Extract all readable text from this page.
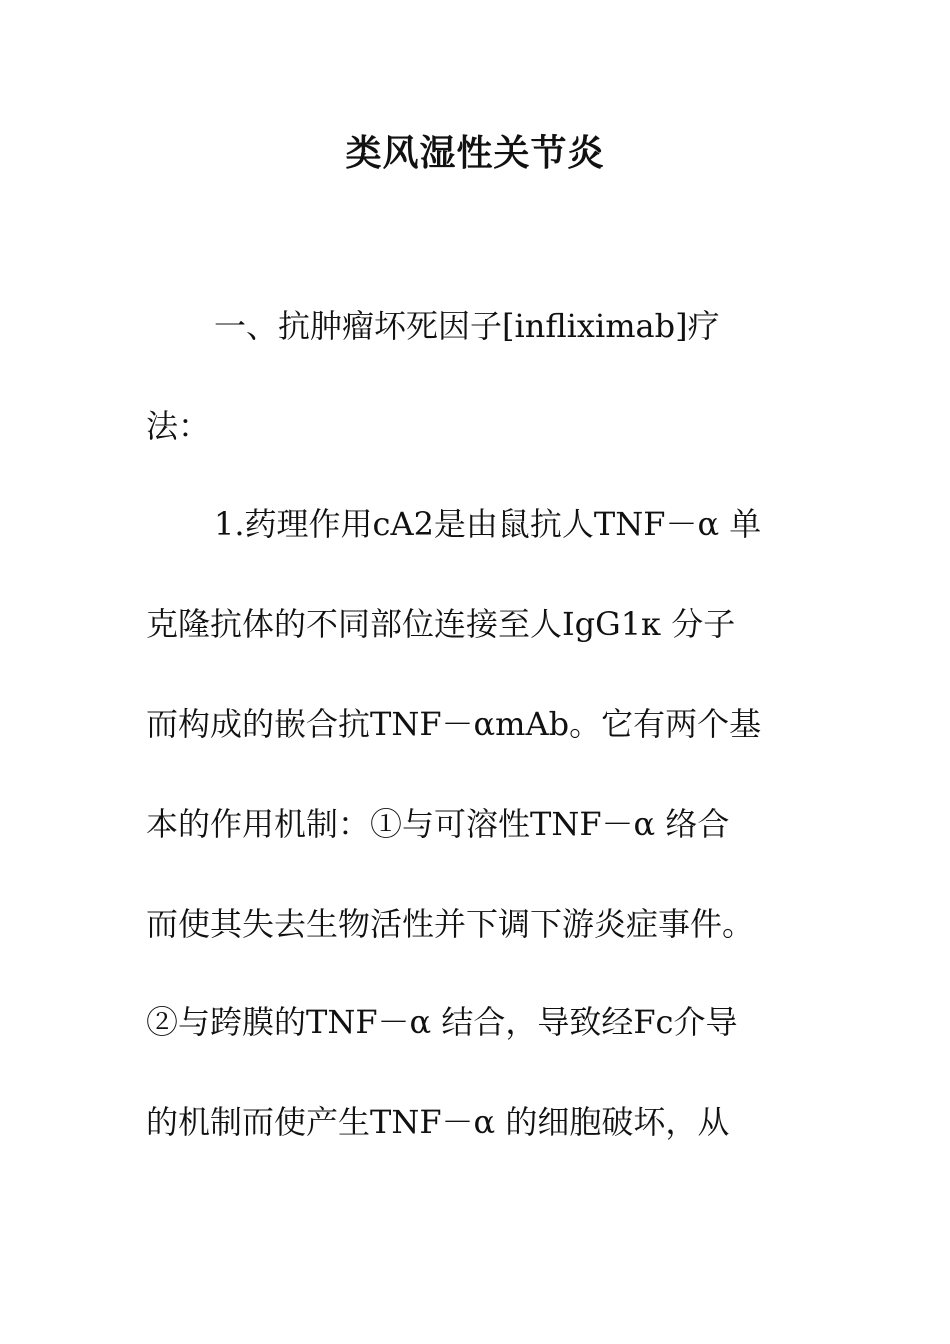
类风湿性关节炎

一、抗肿瘤坏死因子[infliximab]疗

法：

1.药理作用cA2是由鼠抗人TNF－α 单

克隆抗体的不同部位连接至人IgG1κ 分子

而构成的嵌合抗TNF－αmAb。它有两个基

本的作用机制：①与可溶性TNF－α 络合

而使其失去生物活性并下调下游炎症事件。

②与跨膜的TNF－α 结合，导致经Fc介导

的机制而使产生TNF－α 的细胞破坏，从
